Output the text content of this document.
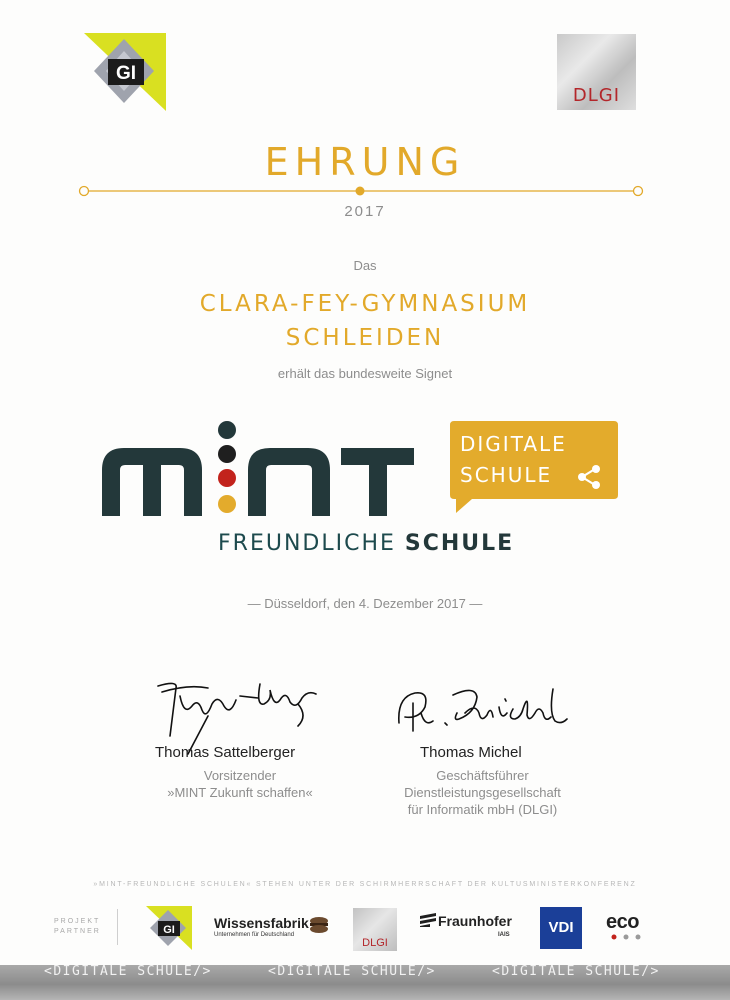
GI
DLGI
EHRUNG
2017
Das
CLARA-FEY-GYMNASIUM
SCHLEIDEN
erhält das bundesweite Signet
DIGITALE
SCHULE
FREUNDLICHE SCHULE
— Düsseldorf, den 4. Dezember 2017 —
Thomas Sattelberger
Vorsitzender
»MINT Zukunft schaffen«
Thomas Michel
Geschäftsführer
Dienstleistungsgesellschaft
für Informatik mbH (DLGI)
»MINT-FREUNDLICHE SCHULEN« STEHEN UNTER DER SCHIRMHERRSCHAFT DER KULTUSMINISTERKONFERENZ
PROJEKT
PARTNER	GI	Wissensfabrik
Unternehmen für Deutschland
DLGI
Fraunhofer
IAIS	VDI	eco
<DIGITALE SCHULE/>	<DIGITALE SCHULE/>	<DIGITALE SCHULE/>
